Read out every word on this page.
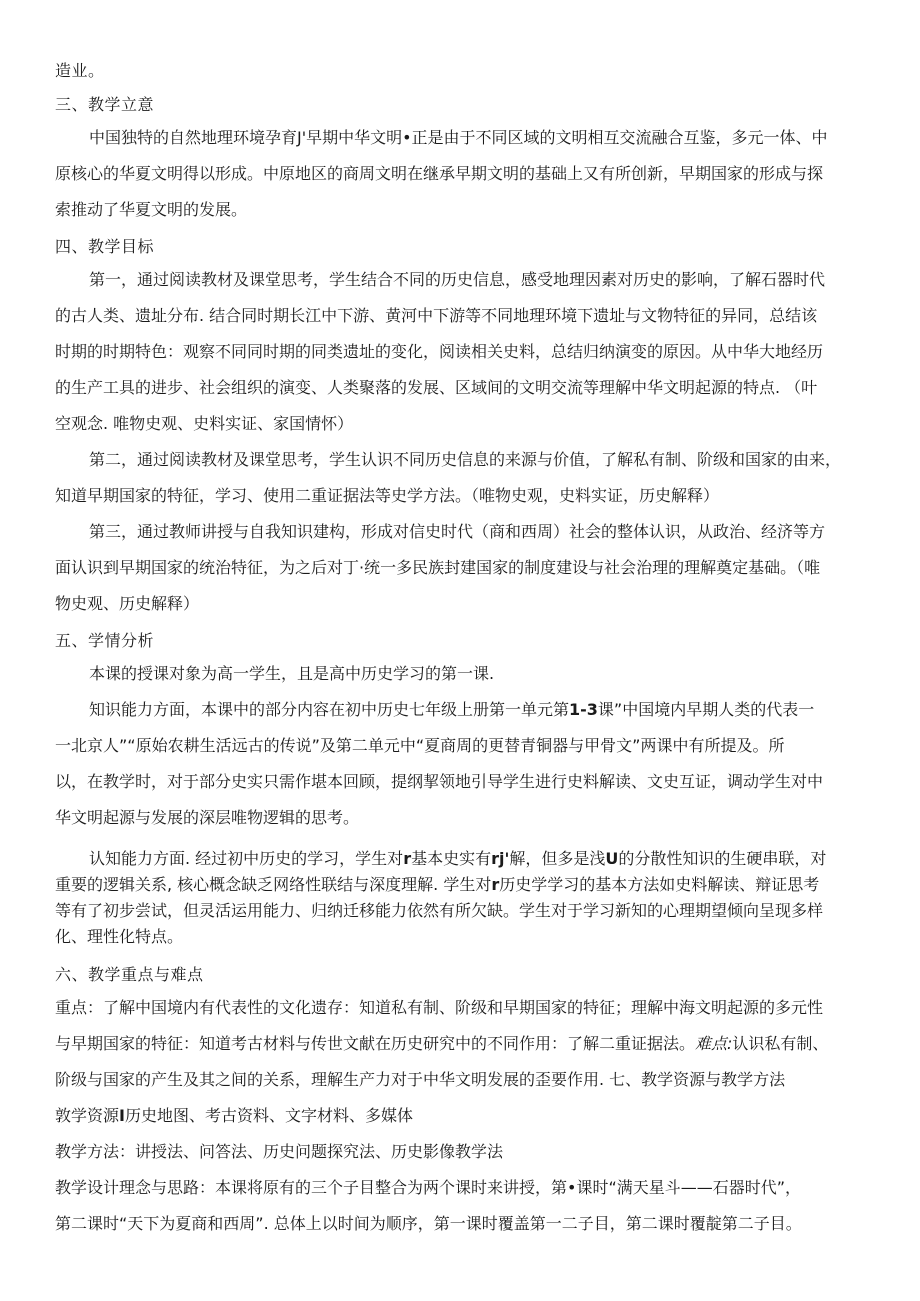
造业。

三、教学立意

中国独特的自然地理环境孕育J'早期中华文明•正是由于不同区域的文明相互交流融合互鉴，多元一体、中

原核心的华夏文明得以形成。中原地区的商周文明在继承早期文明的基础上又有所创新，早期国家的形成与探

索推动了华夏文明的发展。

四、教学目标

第一，通过阅读教材及课堂思考，学生结合不同的历史信息，感受地理因素对历史的影响，了解石器时代

的古人类、遗址分布. 结合同时期长江中下游、黄河中下游等不同地理环境下遗址与文物特征的异同，总结该

时期的时期特色：观察不同同时期的同类遗址的变化，阅读相关史料，总结归纳演变的原因。从中华大地经历

的生产工具的进步、社会组织的演变、人类聚落的发展、区域间的文明交流等理解中华文明起源的特点. （叶

空观念. 唯物史观、史料实证、家国情怀）

第二，通过阅读教材及课堂思考，学生认识不同历史信息的来源与价值，了解私有制、阶级和国家的由来，

知道早期国家的特征，学习、使用二重证据法等史学方法。（唯物史观，史料实证，历史解释）

第三，通过教师讲授与自我知识建构，形成对信史时代（商和西周）社会的整体认识，从政治、经济等方

面认识到早期国家的统治特征，为之后对丁·统一多民族封建国家的制度建设与社会治理的理解奠定基础。（唯

物史观、历史解释）

五、学情分析

本课的授课对象为高一学生，且是高中历史学习的第一课.

知识能力方面，本课中的部分内容在初中历史七年级上册第一单元第1-3课”中国境内早期人类的代表一

一北京人”“原始农耕生活远古的传说”及第二单元中“夏商周的更替青铜器与甲骨文”两课中有所提及。所

以，在教学时，对于部分史实只需作堪本回顾，提纲挈领地引导学生进行史料解读、文史互证，调动学生对中

华文明起源与发展的深层唯物逻辑的思考。

认知能力方面. 经过初中历史的学习，学生对r基本史实有rj'解，但多是浅U的分散性知识的生硬串联，对

重要的逻辑关系, 核心概念缺乏网络性联结与深度理解. 学生对r历史学学习的基本方法如史料解读、辩证思考

等有了初步尝试，但灵活运用能力、归纳迁移能力依然有所欠缺。学生对于学习新知的心理期望倾向呈现多样

化、理性化特点。

六、教学重点与难点

重点：了解中国境内有代表性的文化遗存：知道私有制、阶级和早期国家的特征；理解中海文明起源的多元性

与早期国家的特征：知道考古材料与传世文献在历史研究中的不同作用：了解二重证据法。难点:认识私有制、

阶级与国家的产生及其之间的关系，理解生产力对于中华文明发展的歪要作用. 七、教学资源与教学方法

敦学资源I历史地图、考古资料、文字材料、多媒体

教学方法：讲授法、问答法、历史问题探究法、历史影像教学法

教学设计理念与思路：本课将原有的三个子目整合为两个课时来讲授，第•课时“满天星斗——石器时代”，

第二课时“天下为夏商和西周”. 总体上以时间为顺序，第一课时覆盖第一二子目，第二课时覆靛第二子目。
